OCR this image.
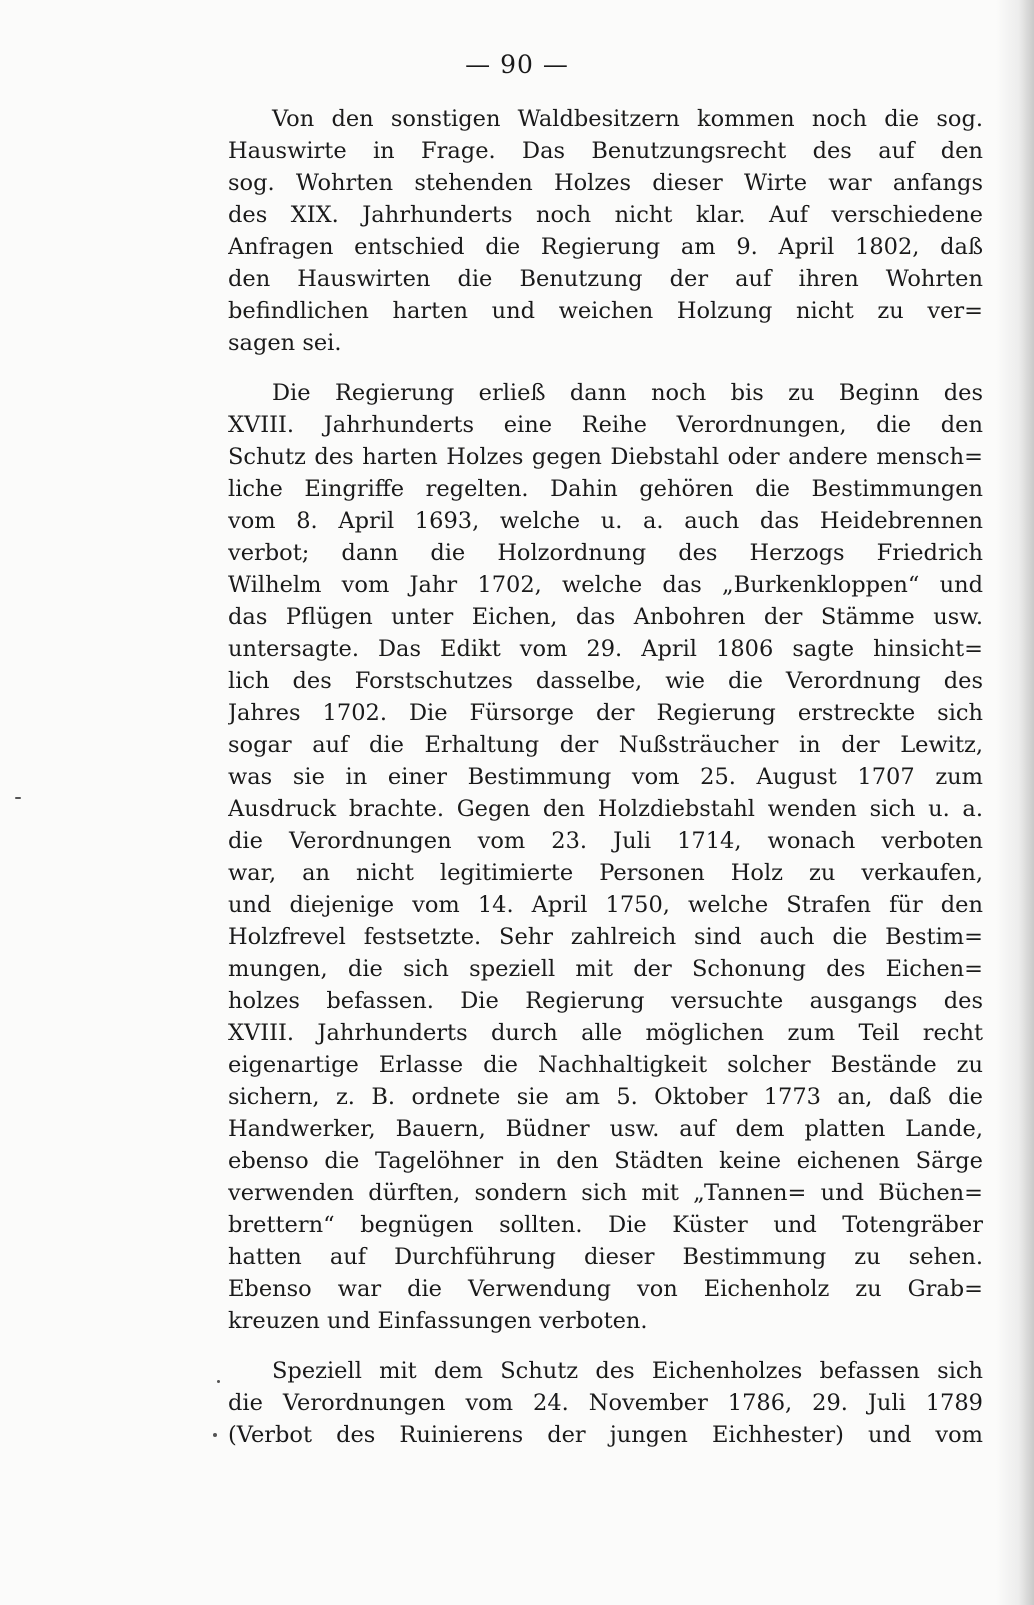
— 90 —
Von den sonstigen Waldbesitzern kommen noch die sog.
Hauswirte in Frage. Das Benutzungsrecht des auf den
sog. Wohrten stehenden Holzes dieser Wirte war anfangs
des XIX. Jahrhunderts noch nicht klar. Auf verschiedene
Anfragen entschied die Regierung am 9. April 1802, daß
den Hauswirten die Benutzung der auf ihren Wohrten
befindlichen harten und weichen Holzung nicht zu ver=
sagen sei.
Die Regierung erließ dann noch bis zu Beginn des
XVIII. Jahrhunderts eine Reihe Verordnungen, die den
Schutz des harten Holzes gegen Diebstahl oder andere mensch=
liche Eingriffe regelten. Dahin gehören die Bestimmungen
vom 8. April 1693, welche u. a. auch das Heidebrennen
verbot; dann die Holzordnung des Herzogs Friedrich
Wilhelm vom Jahr 1702, welche das „Burkenkloppen“ und
das Pflügen unter Eichen, das Anbohren der Stämme usw.
untersagte. Das Edikt vom 29. April 1806 sagte hinsicht=
lich des Forstschutzes dasselbe, wie die Verordnung des
Jahres 1702. Die Fürsorge der Regierung erstreckte sich
sogar auf die Erhaltung der Nußsträucher in der Lewitz,
was sie in einer Bestimmung vom 25. August 1707 zum
Ausdruck brachte. Gegen den Holzdiebstahl wenden sich u. a.
die Verordnungen vom 23. Juli 1714, wonach verboten
war, an nicht legitimierte Personen Holz zu verkaufen,
und diejenige vom 14. April 1750, welche Strafen für den
Holzfrevel festsetzte. Sehr zahlreich sind auch die Bestim=
mungen, die sich speziell mit der Schonung des Eichen=
holzes befassen. Die Regierung versuchte ausgangs des
XVIII. Jahrhunderts durch alle möglichen zum Teil recht
eigenartige Erlasse die Nachhaltigkeit solcher Bestände zu
sichern, z. B. ordnete sie am 5. Oktober 1773 an, daß die
Handwerker, Bauern, Büdner usw. auf dem platten Lande,
ebenso die Tagelöhner in den Städten keine eichenen Särge
verwenden dürften, sondern sich mit „Tannen= und Büchen=
brettern“ begnügen sollten. Die Küster und Totengräber
hatten auf Durchführung dieser Bestimmung zu sehen.
Ebenso war die Verwendung von Eichenholz zu Grab=
kreuzen und Einfassungen verboten.
Speziell mit dem Schutz des Eichenholzes befassen sich
die Verordnungen vom 24. November 1786, 29. Juli 1789
(Verbot des Ruinierens der jungen Eichhester) und vom
